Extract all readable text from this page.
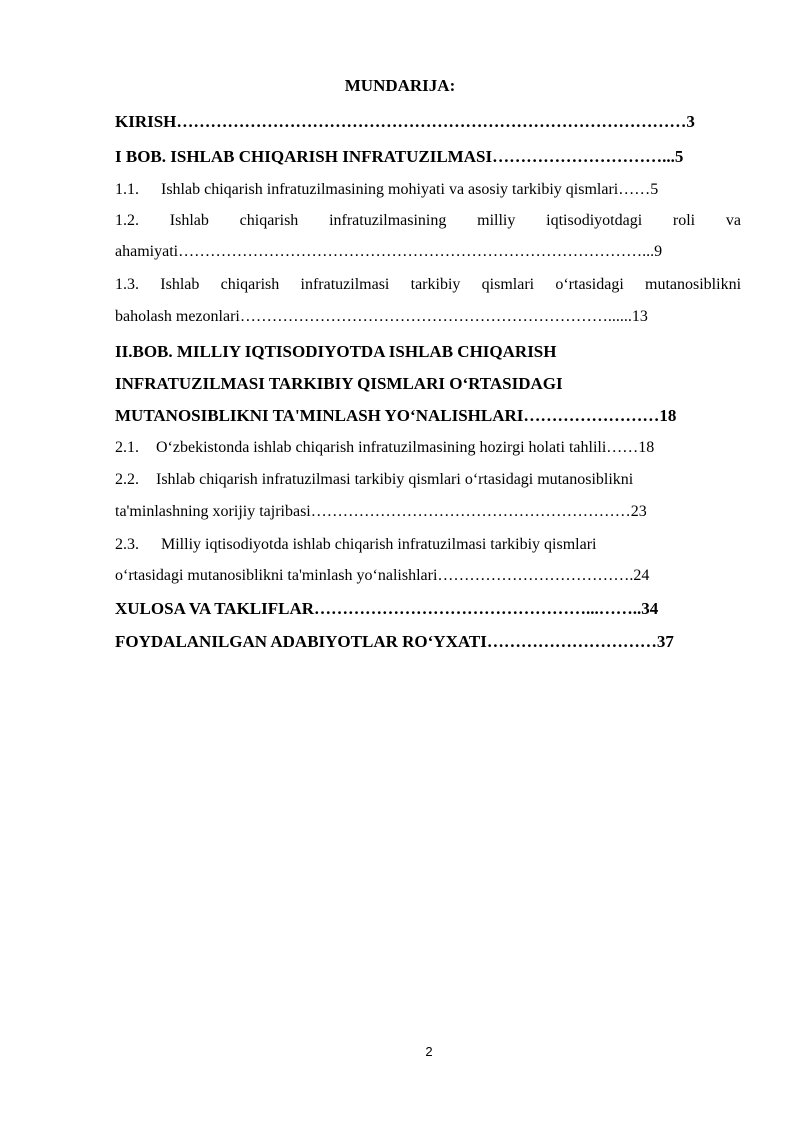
MUNDARIJA:
KIRISH………………………………………………………………………………3
I BOB. ISHLAB CHIQARISH INFRATUZILMASI…………………………...5
1.1. Ishlab chiqarish infratuzilmasining mohiyati va asosiy tarkibiy qismlari……5
1.2. Ishlab chiqarish infratuzilmasining milliy iqtisodiyotdagi roli va
ahamiyati……………………………………………………………………………...9
1.3. Ishlab chiqarish infratuzilmasi tarkibiy qismlari o‘rtasidagi mutanosiblikni
baholash mezonlari……………………………………………………………......13
II.BOB. MILLIY IQTISODIYOTDA ISHLAB CHIQARISH
INFRATUZILMASI TARKIBIY QISMLARI O‘RTASIDAGI
MUTANOSIBLIKNI TA'MINLASH YO‘NALISHLARI……………………18
2.1. O‘zbekistonda ishlab chiqarish infratuzilmasining hozirgi holati tahlili……18
2.2. Ishlab chiqarish infratuzilmasi tarkibiy qismlari o‘rtasidagi mutanosiblikni
ta'minlashning xorijiy tajribasi……………………………………………………23
2.3. Milliy iqtisodiyotda ishlab chiqarish infratuzilmasi tarkibiy qismlari
o‘rtasidagi mutanosiblikni ta'minlash yo‘nalishlari……………………………….24
XULOSA VA TAKLIFLAR…………………………………………...……..34
FOYDALANILGAN ADABIYOTLAR RO‘YXATI…………………………37
2
